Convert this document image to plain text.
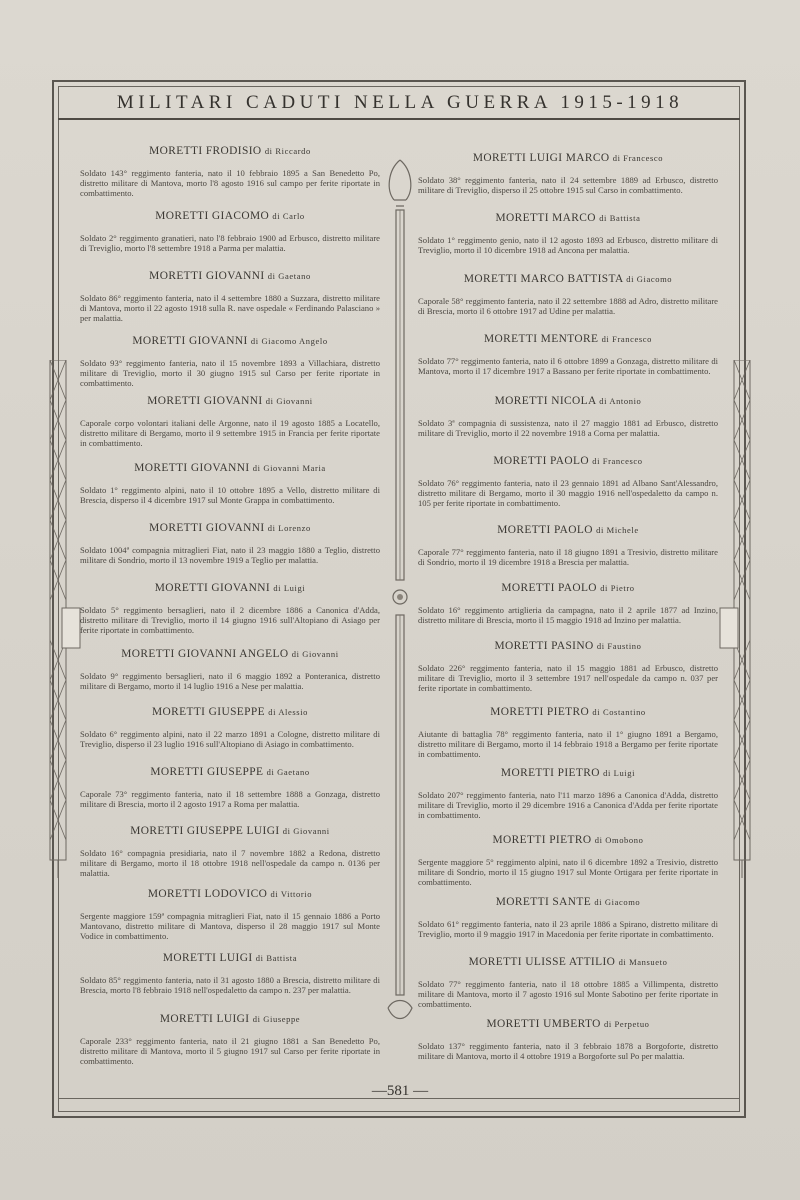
MILITARI CADUTI NELLA GUERRA 1915-1918
MORETTI FRODISIO di Riccardo
Soldato 143° reggimento fanteria, nato il 10 febbraio 1895 a San Benedetto Po, distretto militare di Mantova, morto l'8 agosto 1916 sul campo per ferite riportate in combattimento.
MORETTI GIACOMO di Carlo
Soldato 2° reggimento granatieri, nato l'8 febbraio 1900 ad Erbusco, distretto militare di Treviglio, morto l'8 settembre 1918 a Parma per malattia.
MORETTI GIOVANNI di Gaetano
Soldato 86° reggimento fanteria, nato il 4 settembre 1880 a Suzzara, distretto militare di Mantova, morto il 22 agosto 1918 sulla R. nave ospedale « Ferdinando Palasciano » per malattia.
MORETTI GIOVANNI di Giacomo Angelo
Soldato 93° reggimento fanteria, nato il 15 novembre 1893 a Villachiara, distretto militare di Treviglio, morto il 30 giugno 1915 sul Carso per ferite riportate in combattimento.
MORETTI GIOVANNI di Giovanni
Caporale corpo volontari italiani delle Argonne, nato il 19 agosto 1885 a Locatello, distretto militare di Bergamo, morto il 9 settembre 1915 in Francia per ferite riportate in combattimento.
MORETTI GIOVANNI di Giovanni Maria
Soldato 1° reggimento alpini, nato il 10 ottobre 1895 a Vello, distretto militare di Brescia, disperso il 4 dicembre 1917 sul Monte Grappa in combattimento.
MORETTI GIOVANNI di Lorenzo
Soldato 1004ª compagnia mitraglieri Fiat, nato il 23 maggio 1880 a Teglio, distretto militare di Sondrio, morto il 13 novembre 1919 a Teglio per malattia.
MORETTI GIOVANNI di Luigi
Soldato 5° reggimento bersaglieri, nato il 2 dicembre 1886 a Canonica d'Adda, distretto militare di Treviglio, morto il 14 giugno 1916 sull'Altopiano di Asiago per ferite riportate in combattimento.
MORETTI GIOVANNI ANGELO di Giovanni
Soldato 9° reggimento bersaglieri, nato il 6 maggio 1892 a Ponteranica, distretto militare di Bergamo, morto il 14 luglio 1916 a Nese per malattia.
MORETTI GIUSEPPE di Alessio
Soldato 6° reggimento alpini, nato il 22 marzo 1891 a Cologne, distretto militare di Treviglio, disperso il 23 luglio 1916 sull'Altopiano di Asiago in combattimento.
MORETTI GIUSEPPE di Gaetano
Caporale 73° reggimento fanteria, nato il 18 settembre 1888 a Gonzaga, distretto militare di Brescia, morto il 2 agosto 1917 a Roma per malattia.
MORETTI GIUSEPPE LUIGI di Giovanni
Soldato 16° compagnia presidiaria, nato il 7 novembre 1882 a Redona, distretto militare di Bergamo, morto il 18 ottobre 1918 nell'ospedale da campo n. 0136 per malattia.
MORETTI LODOVICO di Vittorio
Sergente maggiore 159ª compagnia mitraglieri Fiat, nato il 15 gennaio 1886 a Porto Mantovano, distretto militare di Mantova, disperso il 28 maggio 1917 sul Monte Vodice in combattimento.
MORETTI LUIGI di Battista
Soldato 85° reggimento fanteria, nato il 31 agosto 1880 a Brescia, distretto militare di Brescia, morto l'8 febbraio 1918 nell'ospedaletto da campo n. 237 per malattia.
MORETTI LUIGI di Giuseppe
Caporale 233° reggimento fanteria, nato il 21 giugno 1881 a San Benedetto Po, distretto militare di Mantova, morto il 5 giugno 1917 sul Carso per ferite riportate in combattimento.
MORETTI LUIGI MARCO di Francesco
Soldato 38° reggimento fanteria, nato il 24 settembre 1889 ad Erbusco, distretto militare di Treviglio, disperso il 25 ottobre 1915 sul Carso in combattimento.
MORETTI MARCO di Battista
Soldato 1° reggimento genio, nato il 12 agosto 1893 ad Erbusco, distretto militare di Treviglio, morto il 10 dicembre 1918 ad Ancona per malattia.
MORETTI MARCO BATTISTA di Giacomo
Caporale 58° reggimento fanteria, nato il 22 settembre 1888 ad Adro, distretto militare di Brescia, morto il 6 ottobre 1917 ad Udine per malattia.
MORETTI MENTORE di Francesco
Soldato 77° reggimento fanteria, nato il 6 ottobre 1899 a Gonzaga, distretto militare di Mantova, morto il 17 dicembre 1917 a Bassano per ferite riportate in combattimento.
MORETTI NICOLA di Antonio
Soldato 3ª compagnia di sussistenza, nato il 27 maggio 1881 ad Erbusco, distretto militare di Treviglio, morto il 22 novembre 1918 a Corna per malattia.
MORETTI PAOLO di Francesco
Soldato 76° reggimento fanteria, nato il 23 gennaio 1891 ad Albano Sant'Alessandro, distretto militare di Bergamo, morto il 30 maggio 1916 nell'ospedaletto da campo n. 105 per ferite riportate in combattimento.
MORETTI PAOLO di Michele
Caporale 77° reggimento fanteria, nato il 18 giugno 1891 a Tresivio, distretto militare di Sondrio, morto il 19 dicembre 1918 a Brescia per malattia.
MORETTI PAOLO di Pietro
Soldato 16° reggimento artiglieria da campagna, nato il 2 aprile 1877 ad Inzino, distretto militare di Brescia, morto il 15 maggio 1918 ad Inzino per malattia.
MORETTI PASINO di Faustino
Soldato 226° reggimento fanteria, nato il 15 maggio 1881 ad Erbusco, distretto militare di Treviglio, morto il 3 settembre 1917 nell'ospedale da campo n. 037 per ferite riportate in combattimento.
MORETTI PIETRO di Costantino
Aiutante di battaglia 78° reggimento fanteria, nato il 1° giugno 1891 a Bergamo, distretto militare di Bergamo, morto il 14 febbraio 1918 a Bergamo per ferite riportate in combattimento.
MORETTI PIETRO di Luigi
Soldato 207° reggimento fanteria, nato l'11 marzo 1896 a Canonica d'Adda, distretto militare di Treviglio, morto il 29 dicembre 1916 a Canonica d'Adda per ferite riportate in combattimento.
MORETTI PIETRO di Omobono
Sergente maggiore 5° reggimento alpini, nato il 6 dicembre 1892 a Tresivio, distretto militare di Sondrio, morto il 15 giugno 1917 sul Monte Ortigara per ferite riportate in combattimento.
MORETTI SANTE di Giacomo
Soldato 61° reggimento fanteria, nato il 23 aprile 1886 a Spirano, distretto militare di Treviglio, morto il 9 maggio 1917 in Macedonia per ferite riportate in combattimento.
MORETTI ULISSE ATTILIO di Mansueto
Soldato 77° reggimento fanteria, nato il 18 ottobre 1885 a Villimpenta, distretto militare di Mantova, morto il 7 agosto 1916 sul Monte Sabotino per ferite riportate in combattimento.
MORETTI UMBERTO di Perpetuo
Soldato 137° reggimento fanteria, nato il 3 febbraio 1878 a Borgoforte, distretto militare di Mantova, morto il 4 ottobre 1919 a Borgoforte sul Po per malattia.
—581 —
